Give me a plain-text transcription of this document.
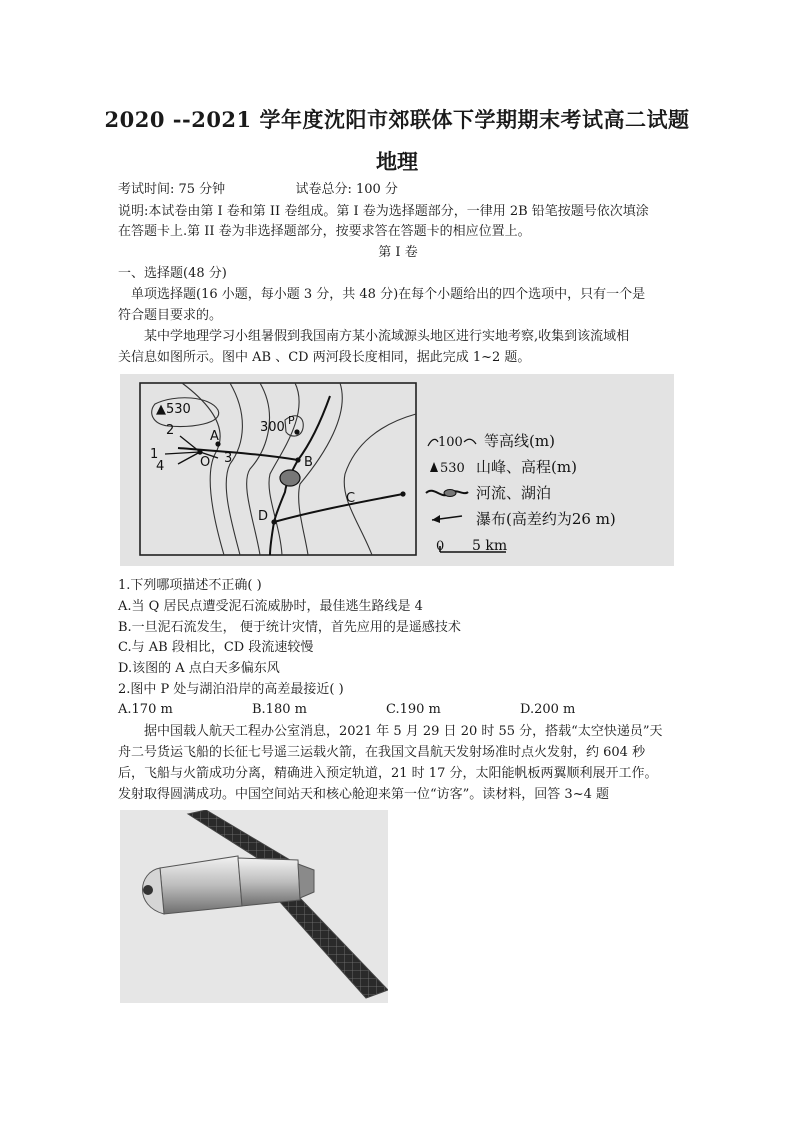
2020 --2021 学年度沈阳市郊联体下学期期末考试高二试题
地理
考试时间: 75 分钟	试卷总分: 100 分
说明:本试卷由第 I 卷和第 II 卷组成。第 I 卷为选择题部分，一律用 2B 铅笔按题号依次填涂
在答题卡上.第 II 卷为非选择题部分，按要求答在答题卡的相应位置上。
第 I 卷
一、选择题(48 分)
单项选择题(16 小题，每小题 3 分，共 48 分)在每个小题给出的四个选项中，只有一个是
符合题目要求的。
某中学地理学习小组暑假到我国南方某小流域源头地区进行实地考察,收集到该流域相
关信息如图所示。图中 AB 、CD 两河段长度相同，据此完成 1~2 题。
▲530
300 P
A
B
C
D
O
1
2
3
4
100 等高线(m)
530 山峰、高程(m)
河流、湖泊
瀑布(高差约为26 m)
0 5 km
1.下列哪项描述不正确( )
A.当 Q 居民点遭受泥石流威胁时，最佳逃生路线是 4
B.一旦泥石流发生， 便于统计灾情，首先应用的是遥感技术
C.与 AB 段相比，CD 段流速较慢
D.该图的 A 点白天多偏东风
2.图中 P 处与湖泊沿岸的高差最接近( )
A.170 m	B.180 m	C.190 m	D.200 m
据中国载人航天工程办公室消息，2021 年 5 月 29 日 20 时 55 分，搭载“太空快递员”天
舟二号货运飞船的长征七号遥三运载火箭，在我国文昌航天发射场准时点火发射，约 604 秒
后，飞船与火箭成功分离，精确进入预定轨道，21 时 17 分，太阳能帆板两翼顺利展开工作。
发射取得圆满成功。中国空间站天和核心舱迎来第一位“访客”。读材料，回答 3~4 题
